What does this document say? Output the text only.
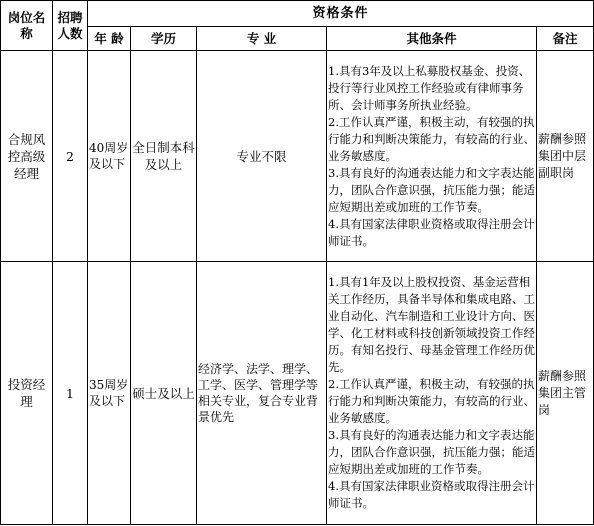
岗位名称	招聘人数	资格条件				
		年 龄	学历	专 业	其他条件	备注
合规风控高级经理	2	40周岁及以下	全日制本科及以上	专业不限	1.具有3年及以上私募股权基金、投资、投行等行业风控工作经验或有律师事务所、会计师事务所执业经验。

2.工作认真严谨，积极主动，有较强的执行能力和判断决策能力，有较高的行业、业务敏感度。

3.具有良好的沟通表达能力和文字表达能力，团队合作意识强，抗压能力强；能适应短期出差或加班的工作节奏。

4.具有国家法律职业资格或取得注册会计师证书。	薪酬参照集团中层副职岗
投资经理	1	35周岁及以下	硕士及以上	经济学、法学、理学、工学、医学、管理学等相关专业，复合专业背景优先	1.具有1年及以上股权投资、基金运营相关工作经历，具备半导体和集成电路、工业自动化、汽车制造和工业设计方向、医学、化工材料或科技创新领域投资工作经历。有知名投行、母基金管理工作经历优先。

2.工作认真严谨，积极主动，有较强的执行能力和判断决策能力，有较高的行业、业务敏感度。

3.具有良好的沟通表达能力和文字表达能力，团队合作意识强，抗压能力强；能适应短期出差或加班的工作节奏。

4.具有国家法律职业资格或取得注册会计师证书。	薪酬参照集团主管岗
